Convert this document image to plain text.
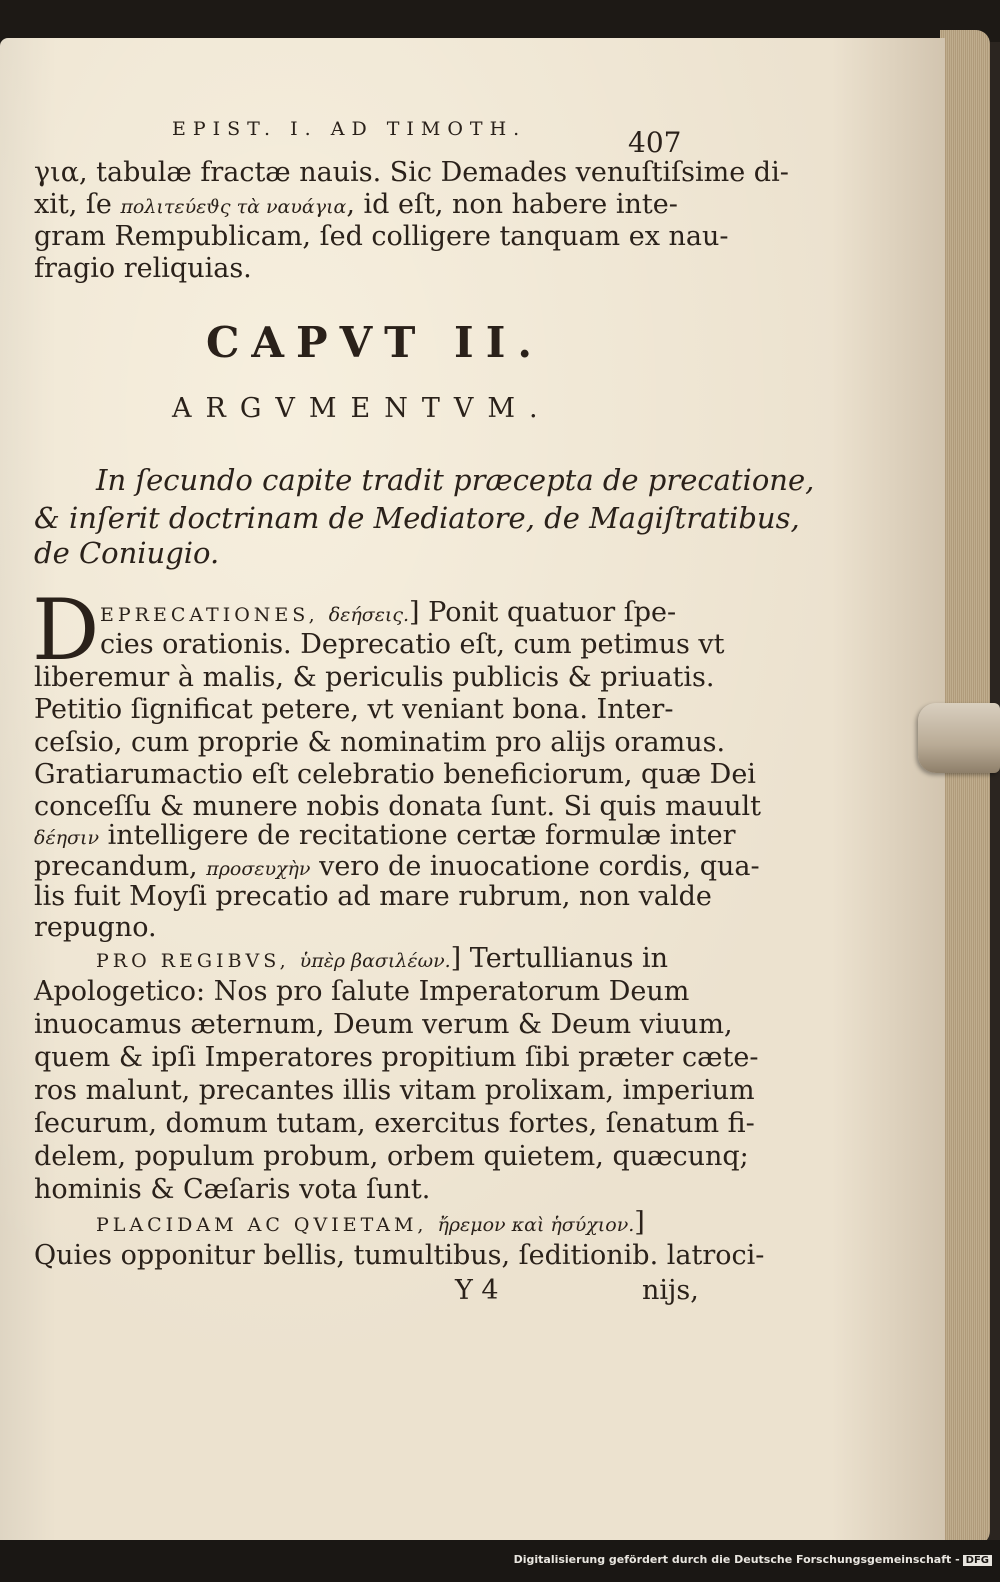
EPIST. I. AD TIMOTH.	407
για, tabulæ fractæ nauis. Sic Demades venuſtiſsime di-
xit, ſe πολιτεύεϑς τὰ ναυάγια, id eſt, non habere inte-
gram Rempublicam, ſed colligere tanquam ex nau-
fragio reliquias.
CAPVT II.
ARGVMENTVM.
In ſecundo capite tradit præcepta de precatione,
& inſerit doctrinam de Mediatore, de Magiſtratibus,
de Coniugio.
D EPRECATIONES, δεήσεις.] Ponit quatuor ſpe-
cies orationis. Deprecatio eſt, cum petimus vt
liberemur à malis, & periculis publicis & priuatis.
Petitio ſignificat petere, vt veniant bona. Inter-
ceſsio, cum proprie & nominatim pro alijs oramus.
Gratiarumactio eſt celebratio beneficiorum, quæ Dei
conceſſu & munere nobis donata ſunt. Si quis mauult
δέησιν intelligere de recitatione certæ formulæ inter
precandum, προσευχὴν vero de inuocatione cordis, qua-
lis fuit Moyſi precatio ad mare rubrum, non valde
repugno.
PRO REGIBVS, ὑπὲρ βασιλέων.] Tertullianus in
Apologetico: Nos pro ſalute Imperatorum Deum
inuocamus æternum, Deum verum & Deum viuum,
quem & ipſi Imperatores propitium ſibi præter cæte-
ros malunt, precantes illis vitam prolixam, imperium
ſecurum, domum tutam, exercitus fortes, ſenatum fi-
delem, populum probum, orbem quietem, quæcunq;
hominis & Cæſaris vota ſunt.
PLACIDAM AC QVIETAM, ἤρεμον καὶ ἡσύχιον.]
Quies opponitur bellis, tumultibus, ſeditionib. latroci-
Y 4	nijs,
Digitalisierung gefördert durch die Deutsche Forschungsgemeinschaft - DFG
